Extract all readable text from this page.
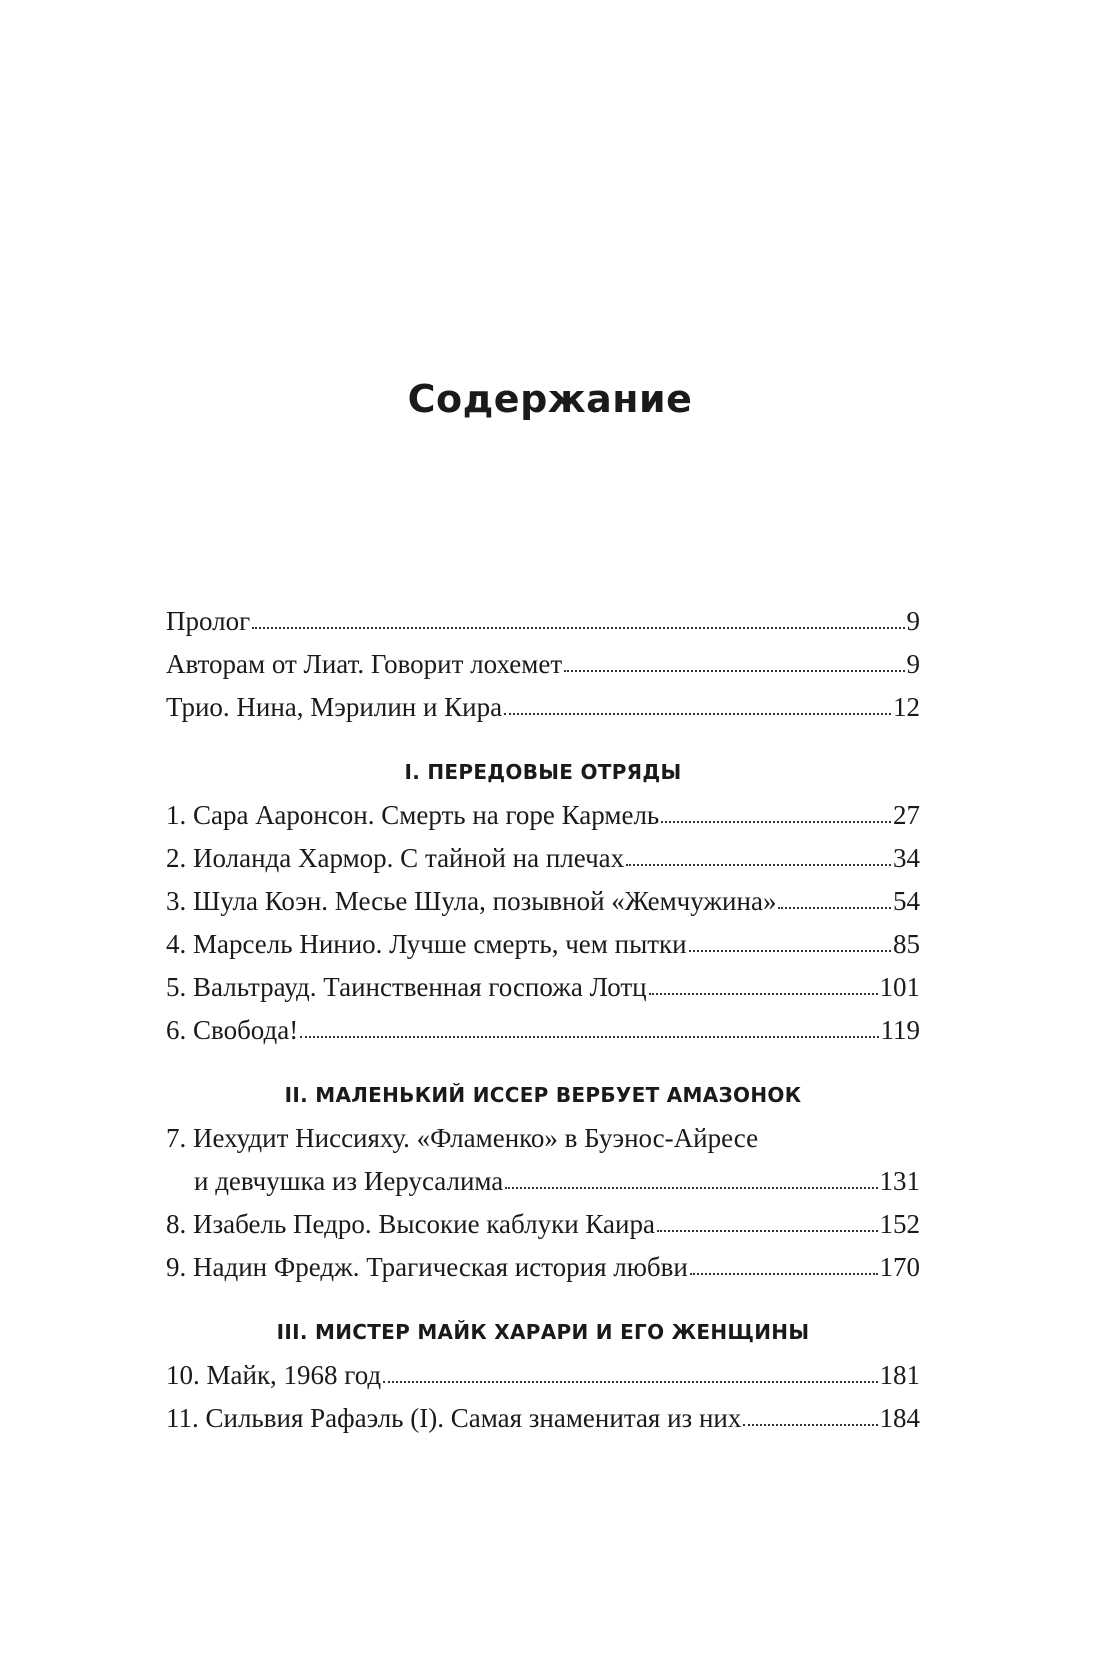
Содержание
Пролог	9
Авторам от Лиат. Говорит лохемет	9
Трио. Нина, Мэрилин и Кира	12
I. ПЕРЕДОВЫЕ ОТРЯДЫ
1. Сара Ааронсон. Смерть на горе Кармель	27
2. Иоланда Хармор. С тайной на плечах	34
3. Шула Коэн. Месье Шула, позывной «Жемчужина»	54
4. Марсель Нинио. Лучше смерть, чем пытки	85
5. Вальтрауд. Таинственная госпожа Лотц	101
6. Свобода!	119
II. МАЛЕНЬКИЙ ИССЕР ВЕРБУЕТ АМАЗОНОК
7. Иехудит Ниссияху. «Фламенко» в Буэнос-Айресе
и девчушка из Иерусалима	131
8. Изабель Педро. Высокие каблуки Каира	152
9. Надин Фредж. Трагическая история любви	170
III. МИСТЕР МАЙК ХАРАРИ И ЕГО ЖЕНЩИНЫ
10. Майк, 1968 год	181
11. Сильвия Рафаэль (I). Самая знаменитая из них	184
